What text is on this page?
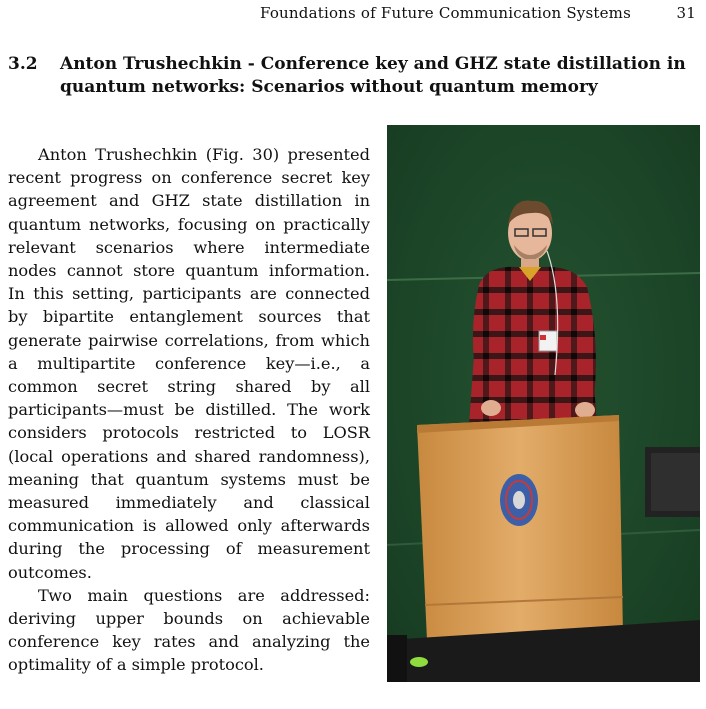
Foundations of Future Communication Systems	31
3.2 Anton Trushechkin - Conference key and GHZ state distillation in quantum networks: Scenarios without quantum memory

Anton Trushechkin (Fig. 30) presented recent progress on conference secret key agreement and GHZ state distillation in quantum networks, focusing on practically relevant scenarios where intermediate nodes cannot store quantum information. In this setting, participants are connected by bipartite entanglement sources that generate pairwise correlations, from which a multipartite conference key—i.e., a common secret string shared by all participants—must be distilled. The work considers protocols restricted to LOSR (local operations and shared randomness), meaning that quantum systems must be measured immediately and classical communication is allowed only afterwards during the processing of measurement outcomes.

Two main questions are addressed: deriving upper bounds on achievable conference key rates and analyzing the optimality of a simple protocol.
